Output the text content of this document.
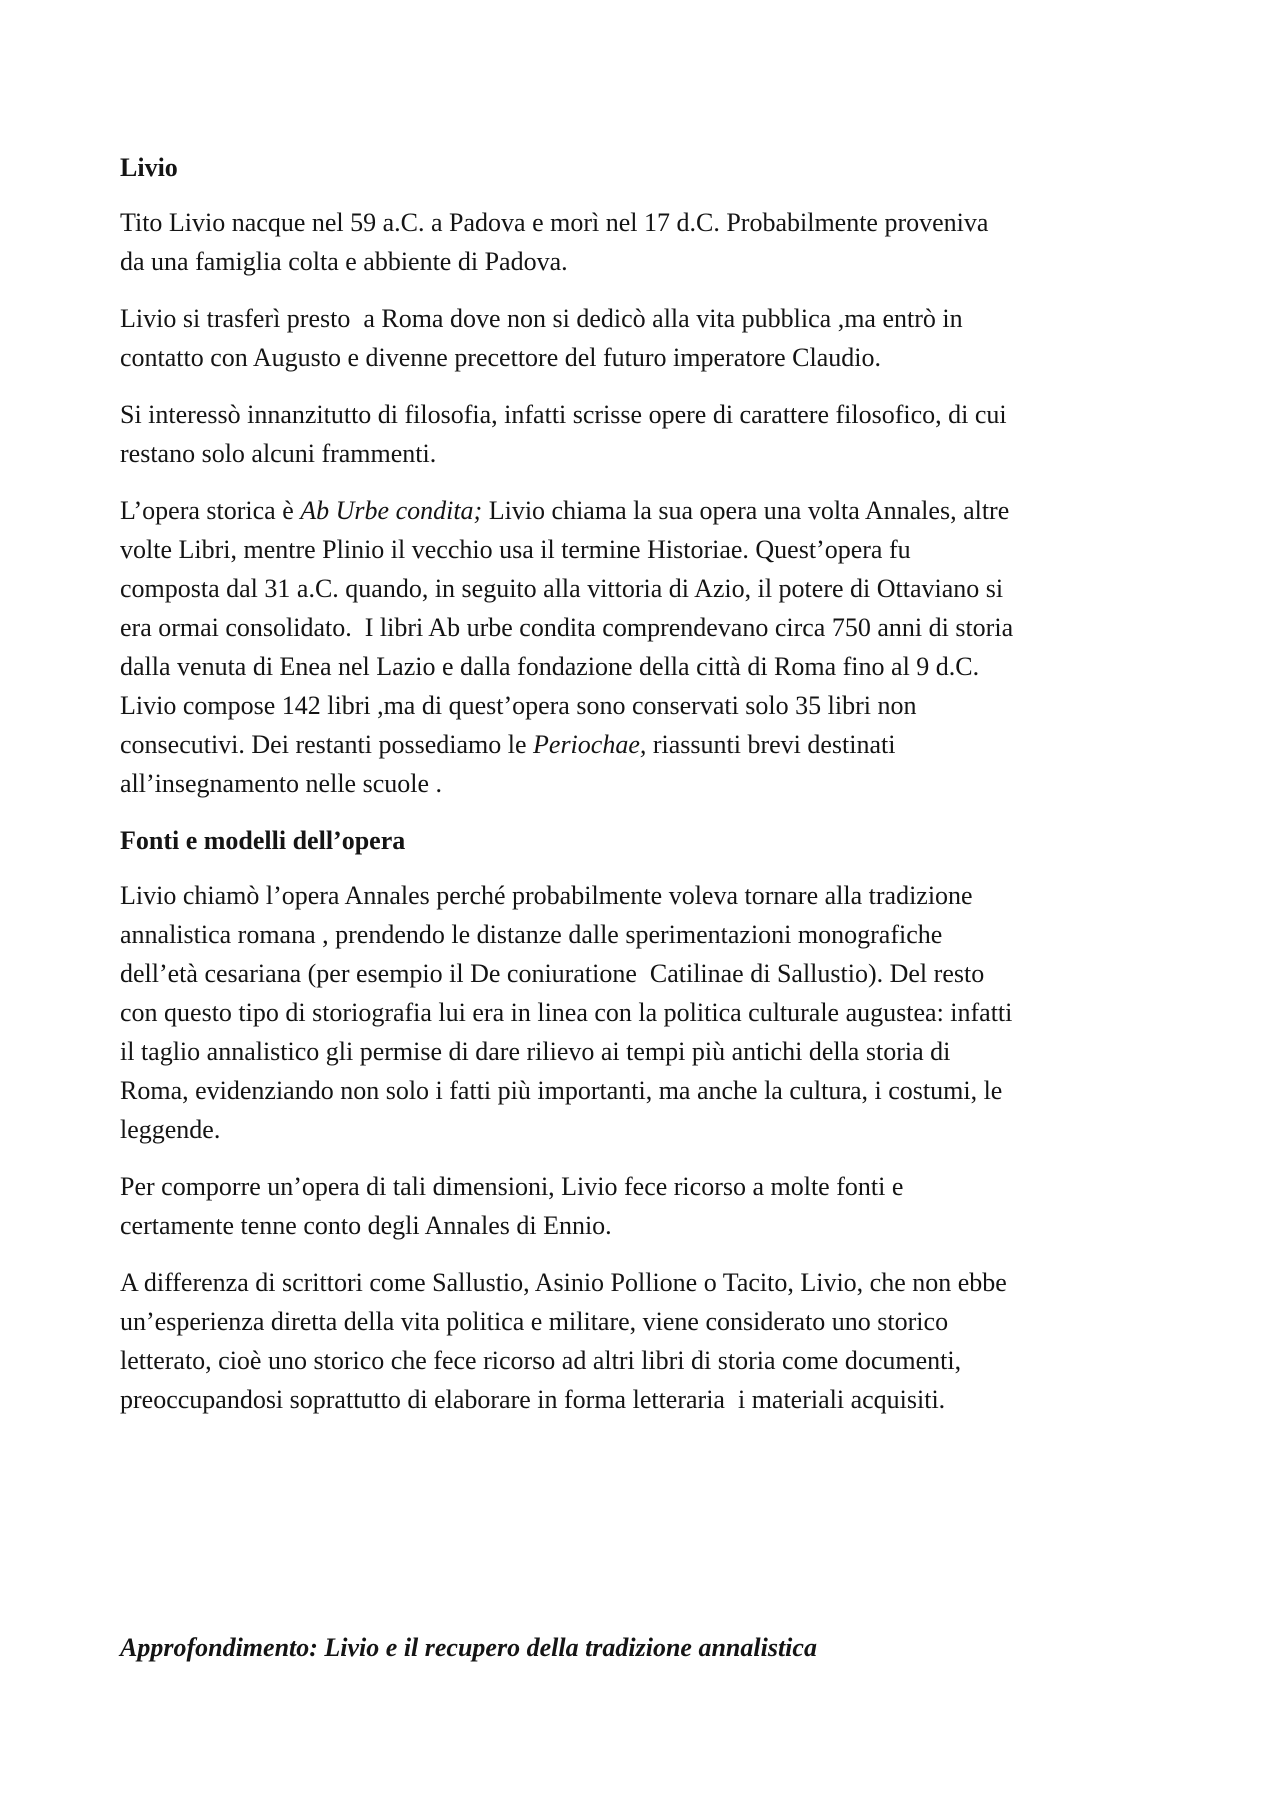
Livio

Tito Livio nacque nel 59 a.C. a Padova e morì nel 17 d.C. Probabilmente proveniva
da una famiglia colta e abbiente di Padova.

Livio si trasferì presto  a Roma dove non si dedicò alla vita pubblica ,ma entrò in
contatto con Augusto e divenne precettore del futuro imperatore Claudio.

Si interessò innanzitutto di filosofia, infatti scrisse opere di carattere filosofico, di cui
restano solo alcuni frammenti.

L’opera storica è Ab Urbe condita; Livio chiama la sua opera una volta Annales, altre
volte Libri, mentre Plinio il vecchio usa il termine Historiae. Quest’opera fu
composta dal 31 a.C. quando, in seguito alla vittoria di Azio, il potere di Ottaviano si
era ormai consolidato.  I libri Ab urbe condita comprendevano circa 750 anni di storia
dalla venuta di Enea nel Lazio e dalla fondazione della città di Roma fino al 9 d.C.
Livio compose 142 libri ,ma di quest’opera sono conservati solo 35 libri non
consecutivi. Dei restanti possediamo le Periochae, riassunti brevi destinati
all’insegnamento nelle scuole .

Fonti e modelli dell’opera

Livio chiamò l’opera Annales perché probabilmente voleva tornare alla tradizione
annalistica romana , prendendo le distanze dalle sperimentazioni monografiche
dell’età cesariana (per esempio il De coniuratione  Catilinae di Sallustio). Del resto
con questo tipo di storiografia lui era in linea con la politica culturale augustea: infatti
il taglio annalistico gli permise di dare rilievo ai tempi più antichi della storia di
Roma, evidenziando non solo i fatti più importanti, ma anche la cultura, i costumi, le
leggende.

Per comporre un’opera di tali dimensioni, Livio fece ricorso a molte fonti e
certamente tenne conto degli Annales di Ennio.

A differenza di scrittori come Sallustio, Asinio Pollione o Tacito, Livio, che non ebbe
un’esperienza diretta della vita politica e militare, viene considerato uno storico
letterato, cioè uno storico che fece ricorso ad altri libri di storia come documenti,
preoccupandosi soprattutto di elaborare in forma letteraria  i materiali acquisiti.

Approfondimento: Livio e il recupero della tradizione annalistica
